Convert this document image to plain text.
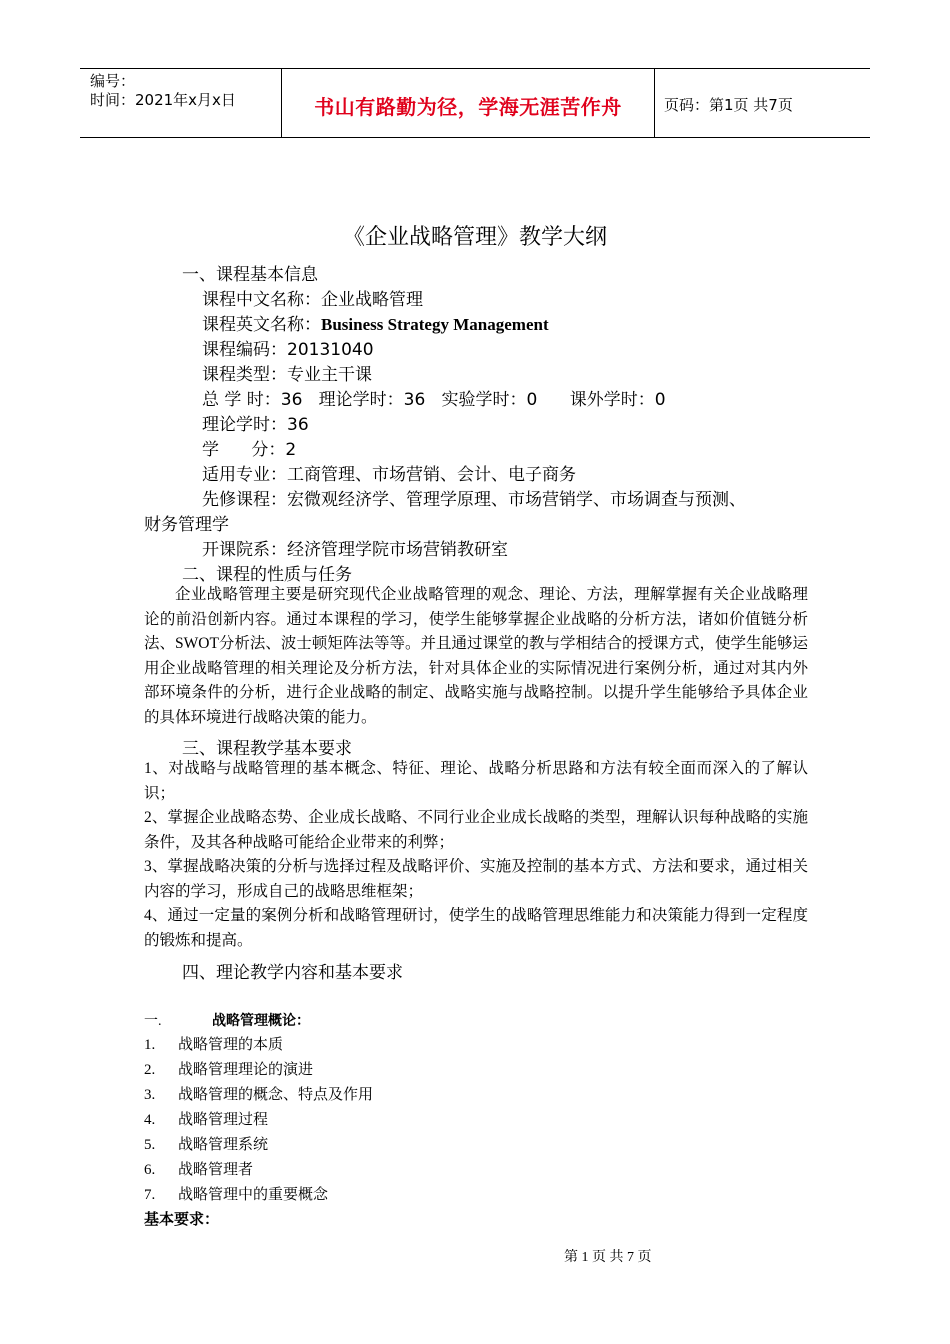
编号：
时间：2021年x月x日	书山有路勤为径，学海无涯苦作舟	页码：第1页 共7页
《企业战略管理》教学大纲
一、课程基本信息
课程中文名称：企业战略管理
课程英文名称：Business Strategy Management
课程编码：20131040
课程类型：专业主干课
总 学 时：36   理论学时：36   实验学时：0      课外学时：0
理论学时：36
学      分：2
适用专业：工商管理、市场营销、会计、电子商务
先修课程：宏微观经济学、管理学原理、市场营销学、市场调查与预测、
财务管理学
开课院系：经济管理学院市场营销教研室
二、课程的性质与任务
企业战略管理主要是研究现代企业战略管理的观念、理论、方法，理解掌握有关企业战略理论的前沿创新内容。通过本课程的学习，使学生能够掌握企业战略的分析方法，诸如价值链分析法、SWOT分析法、波士顿矩阵法等等。并且通过课堂的教与学相结合的授课方式，使学生能够运用企业战略管理的相关理论及分析方法，针对具体企业的实际情况进行案例分析，通过对其内外部环境条件的分析，进行企业战略的制定、战略实施与战略控制。以提升学生能够给予具体企业的具体环境进行战略决策的能力。
三、课程教学基本要求
1、对战略与战略管理的基本概念、特征、理论、战略分析思路和方法有较全面而深入的了解认识；
2、掌握企业战略态势、企业成长战略、不同行业企业成长战略的类型，理解认识每种战略的实施条件，及其各种战略可能给企业带来的利弊；
3、掌握战略决策的分析与选择过程及战略评价、实施及控制的基本方式、方法和要求，通过相关内容的学习，形成自己的战略思维框架；
4、通过一定量的案例分析和战略管理研讨，使学生的战略管理思维能力和决策能力得到一定程度的锻炼和提高。
四、理论教学内容和基本要求
一.	战略管理概论：
1. 战略管理的本质
2. 战略管理理论的演进
3. 战略管理的概念、特点及作用
4. 战略管理过程
5. 战略管理系统
6. 战略管理者
7. 战略管理中的重要概念
基本要求：
第 1 页 共 7 页
